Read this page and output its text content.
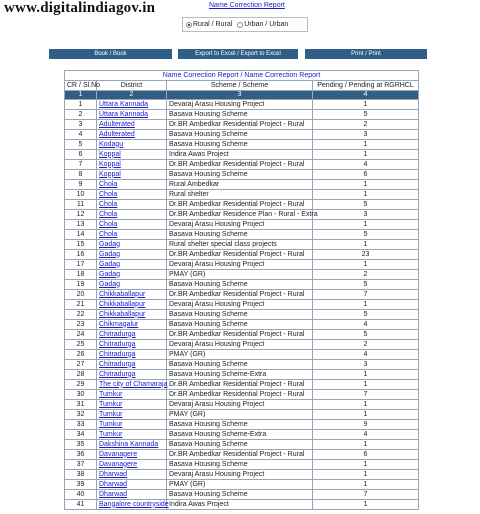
www.digitalindiagov.in	Name Correction Report
Rural / Rural Urban / Urban
Book / Book	Export to Excel / Export to Excel	Print / Print
Name Correction Report / Name Correction Report			
CR / Sl.No	District	Scheme / Scheme	Pending / Pending at RGRHCL
1	2	3	4
1	Uttara Kannada	Devaraj Arasu Housing Project	1
2	Uttara Kannada	Basava Housing Scheme	5
3	Adulterated	Dr.BR Ambedkar Residential Project - Rural	2
4	Adulterated	Basava Housing Scheme	3
5	Kodagu	Basava Housing Scheme	1
6	Koppal	Indira Awas Project	1
7	Koppal	Dr.BR Ambedkar Residential Project - Rural	4
8	Koppal	Basava Housing Scheme	6
9	Chola	Rural Ambedkar	1
10	Chola	Rural shelter	1
11	Chola	Dr.BR Ambedkar Residential Project - Rural	5
12	Chola	Dr.BR Ambedkar Residence Plan - Rural - Extra	3
13	Chola	Devaraj Arasu Housing Project	1
14	Chola	Basava Housing Scheme	5
15	Gadag	Rural shelter special class projects	1
16	Gadag	Dr.BR Ambedkar Residential Project - Rural	23
17	Gadag	Devaraj Arasu Housing Project	1
18	Gadag	PMAY (GR)	2
19	Gadag	Basava Housing Scheme	5
20	Chikkaballapur	Dr.BR Ambedkar Residential Project - Rural	7
21	Chikkaballapur	Devaraj Arasu Housing Project	1
22	Chikkaballapur	Basava Housing Scheme	5
23	Chikmagalur	Basava Housing Scheme	4
24	Chitradurga	Dr.BR Ambedkar Residential Project - Rural	5
25	Chitradurga	Devaraj Arasu Housing Project	2
26	Chitradurga	PMAY (GR)	4
27	Chitradurga	Basava Housing Scheme	3
28	Chitradurga	Basava Housing Scheme-Extra	1
29	The city of Chamaraja	Dr.BR Ambedkar Residential Project - Rural	1
30	Tumkur	Dr.BR Ambedkar Residential Project - Rural	7
31	Tumkur	Devaraj Arasu Housing Project	1
32	Tumkur	PMAY (GR)	1
33	Tumkur	Basava Housing Scheme	9
34	Tumkur	Basava Housing Scheme-Extra	4
35	Dakshina Kannada	Basava Housing Scheme	1
36	Davanagere	Dr.BR Ambedkar Residential Project - Rural	6
37	Davanagere	Basava Housing Scheme	1
38	Dharwad	Devaraj Arasu Housing Project	1
39	Dharwad	PMAY (GR)	1
40	Dharwad	Basava Housing Scheme	7
41	Bangalore countryside	Indira Awas Project	1
